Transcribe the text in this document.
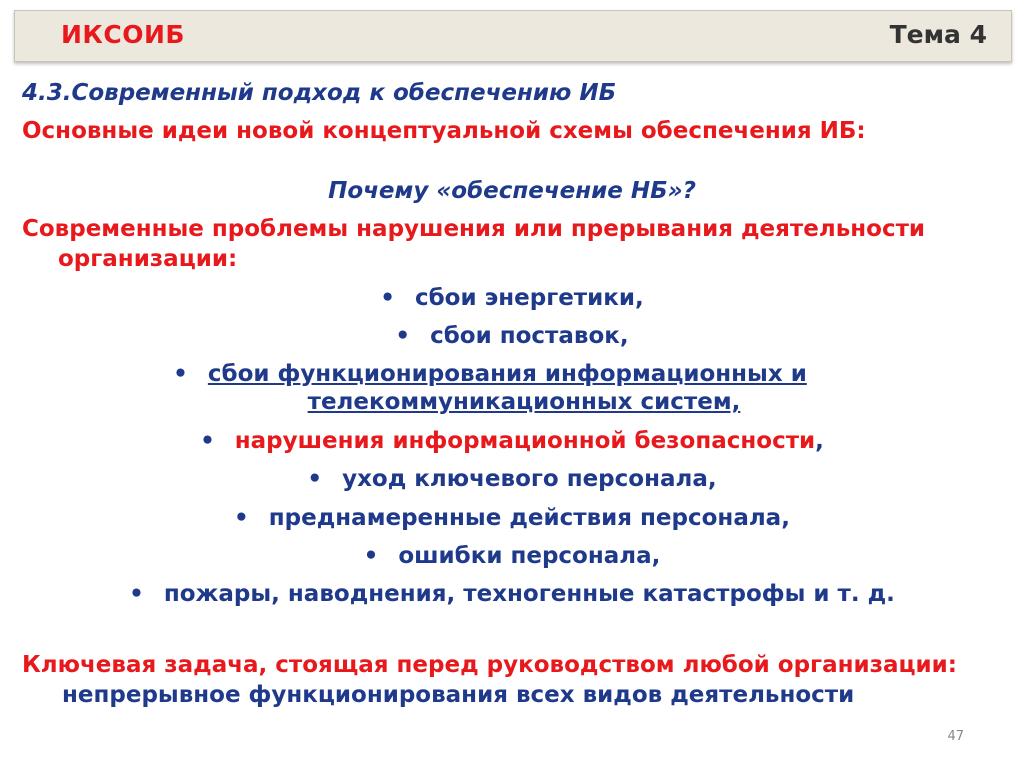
ИКСОИБ	Тема 4
4.3.Современный подход к обеспечению ИБ
Основные идеи новой концептуальной схемы обеспечения ИБ:
Почему «обеспечение НБ»?
Современные проблемы нарушения или прерывания деятельности
организации:
• сбои энергетики,
• сбои поставок,
• сбои функционирования информационных и
телекоммуникационных систем,
• нарушения информационной безопасности,
• уход ключевого персонала,
• преднамеренные действия персонала,
• ошибки персонала,
• пожары, наводнения, техногенные катастрофы и т. д.
Ключевая задача, стоящая перед руководством любой организации:
непрерывное функционирования всех видов деятельности
47
